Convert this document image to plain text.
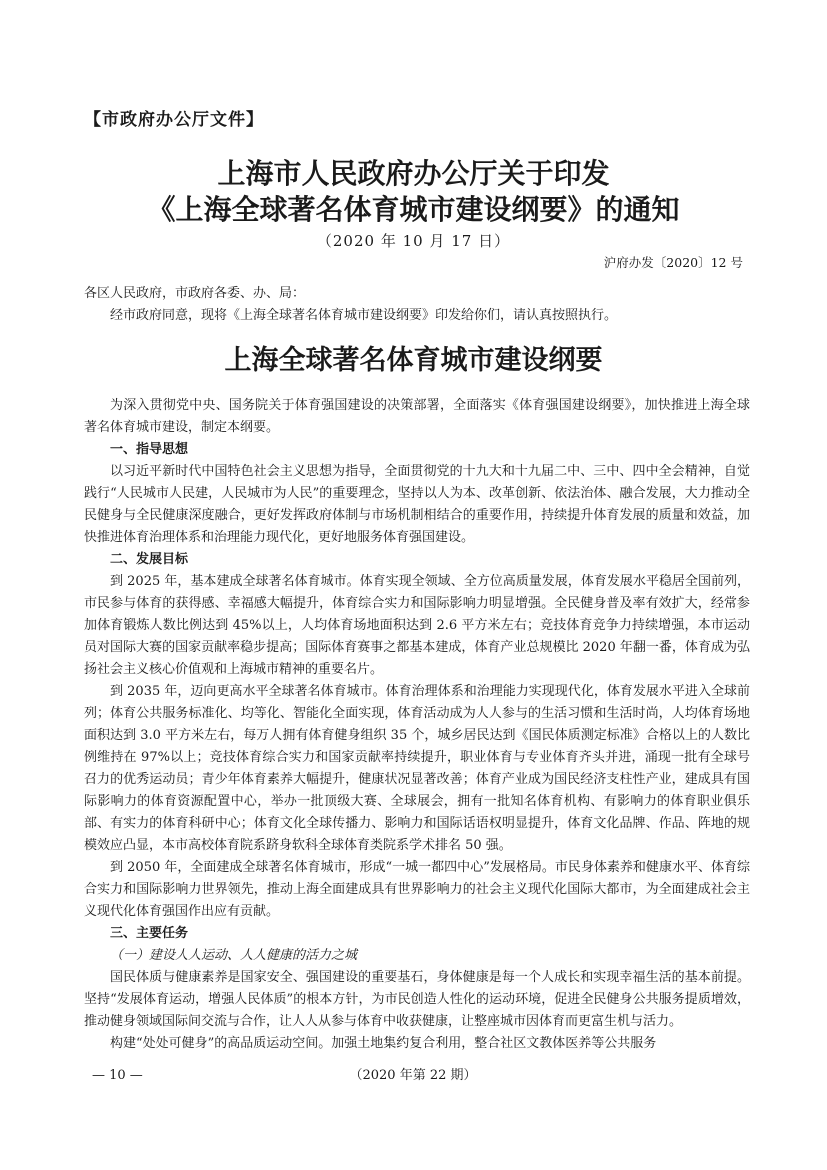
【市政府办公厅文件】
上海市人民政府办公厅关于印发
《上海全球著名体育城市建设纲要》的通知
（2020 年 10 月 17 日）
沪府办发〔2020〕12 号
各区人民政府，市政府各委、办、局：
经市政府同意，现将《上海全球著名体育城市建设纲要》印发给你们，请认真按照执行。
上海全球著名体育城市建设纲要

为深入贯彻党中央、国务院关于体育强国建设的决策部署，全面落实《体育强国建设纲要》，加快推进上海全球著名体育城市建设，制定本纲要。

一、指导思想

以习近平新时代中国特色社会主义思想为指导，全面贯彻党的十九大和十九届二中、三中、四中全会精神，自觉践行“人民城市人民建，人民城市为人民”的重要理念，坚持以人为本、改革创新、依法治体、融合发展，大力推动全民健身与全民健康深度融合，更好发挥政府体制与市场机制相结合的重要作用，持续提升体育发展的质量和效益，加快推进体育治理体系和治理能力现代化，更好地服务体育强国建设。

二、发展目标

到 2025 年，基本建成全球著名体育城市。体育实现全领域、全方位高质量发展，体育发展水平稳居全国前列，市民参与体育的获得感、幸福感大幅提升，体育综合实力和国际影响力明显增强。全民健身普及率有效扩大，经常参加体育锻炼人数比例达到 45%以上，人均体育场地面积达到 2.6 平方米左右；竞技体育竞争力持续增强，本市运动员对国际大赛的国家贡献率稳步提高；国际体育赛事之都基本建成，体育产业总规模比 2020 年翻一番，体育成为弘扬社会主义核心价值观和上海城市精神的重要名片。

到 2035 年，迈向更高水平全球著名体育城市。体育治理体系和治理能力实现现代化，体育发展水平进入全球前列；体育公共服务标准化、均等化、智能化全面实现，体育活动成为人人参与的生活习惯和生活时尚，人均体育场地面积达到 3.0 平方米左右，每万人拥有体育健身组织 35 个，城乡居民达到《国民体质测定标准》合格以上的人数比例维持在 97%以上；竞技体育综合实力和国家贡献率持续提升，职业体育与专业体育齐头并进，涌现一批有全球号召力的优秀运动员；青少年体育素养大幅提升，健康状况显著改善；体育产业成为国民经济支柱性产业，建成具有国际影响力的体育资源配置中心，举办一批顶级大赛、全球展会，拥有一批知名体育机构、有影响力的体育职业俱乐部、有实力的体育科研中心；体育文化全球传播力、影响力和国际话语权明显提升，体育文化品牌、作品、阵地的规模效应凸显，本市高校体育院系跻身软科全球体育类院系学术排名 50 强。

到 2050 年，全面建成全球著名体育城市，形成“一城一都四中心”发展格局。市民身体素养和健康水平、体育综合实力和国际影响力世界领先，推动上海全面建成具有世界影响力的社会主义现代化国际大都市，为全面建成社会主义现代化体育强国作出应有贡献。

三、主要任务

（一）建设人人运动、人人健康的活力之城

国民体质与健康素养是国家安全、强国建设的重要基石，身体健康是每一个人成长和实现幸福生活的基本前提。坚持“发展体育运动，增强人民体质”的根本方针，为市民创造人性化的运动环境，促进全民健身公共服务提质增效，推动健身领域国际间交流与合作，让人人从参与体育中收获健康，让整座城市因体育而更富生机与活力。

构建“处处可健身”的高品质运动空间。加强土地集约复合利用，整合社区文教体医养等公共服务

— 10 —	（2020 年第 22 期）
